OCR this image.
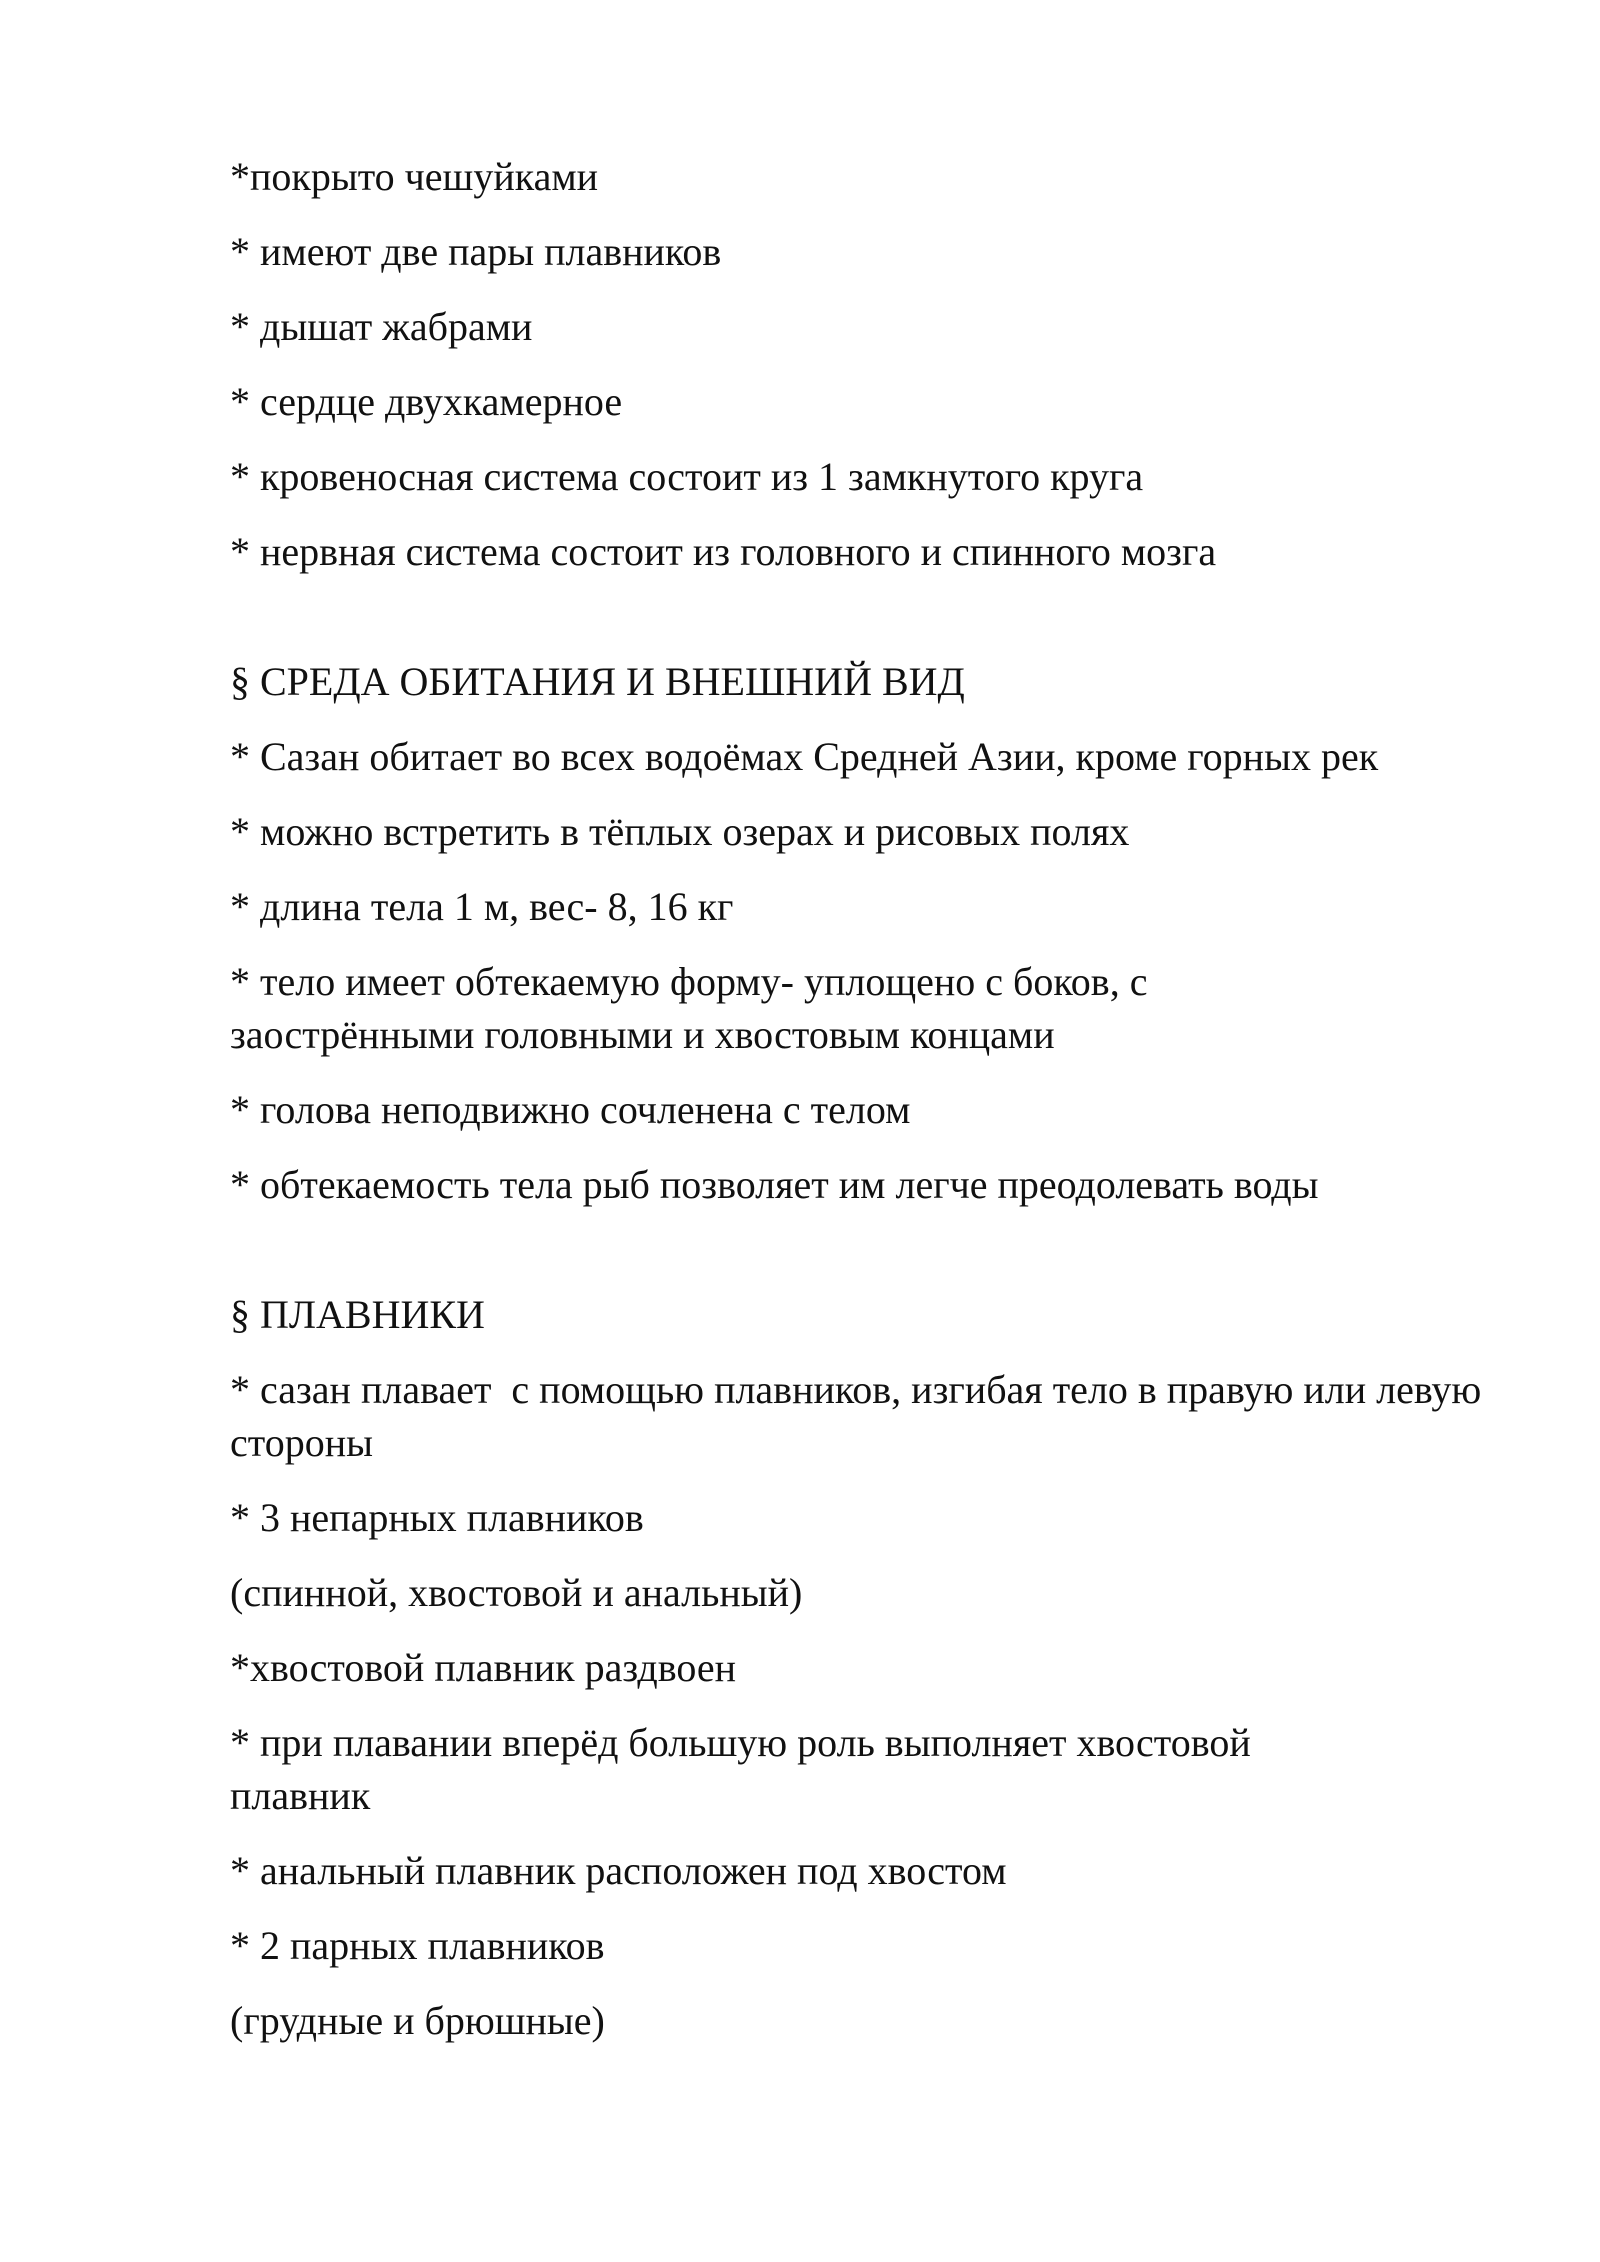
*покрыто чешуйками

* имеют две пары плавников

* дышат жабрами

* сердце двухкамерное

* кровеносная система состоит из 1 замкнутого круга

* нервная система состоит из головного и спинного мозга

§ СРЕДА ОБИТАНИЯ И ВНЕШНИЙ ВИД

* Сазан обитает во всех водоёмах Средней Азии, кроме горных рек

* можно встретить в тёплых озерах и рисовых полях

* длина тела 1 м, вес- 8, 16 кг

* тело имеет обтекаемую форму- уплощено с боков, с заострёнными головными и хвостовым концами

* голова неподвижно сочленена с телом

* обтекаемость тела рыб позволяет им легче преодолевать воды

§ ПЛАВНИКИ

* сазан плавает  с помощью плавников, изгибая тело в правую или левую стороны

* 3 непарных плавников

(спинной, хвостовой и анальный)

*хвостовой плавник раздвоен

* при плавании вперёд большую роль выполняет хвостовой плавник

* анальный плавник расположен под хвостом

* 2 парных плавников

(грудные и брюшные)
